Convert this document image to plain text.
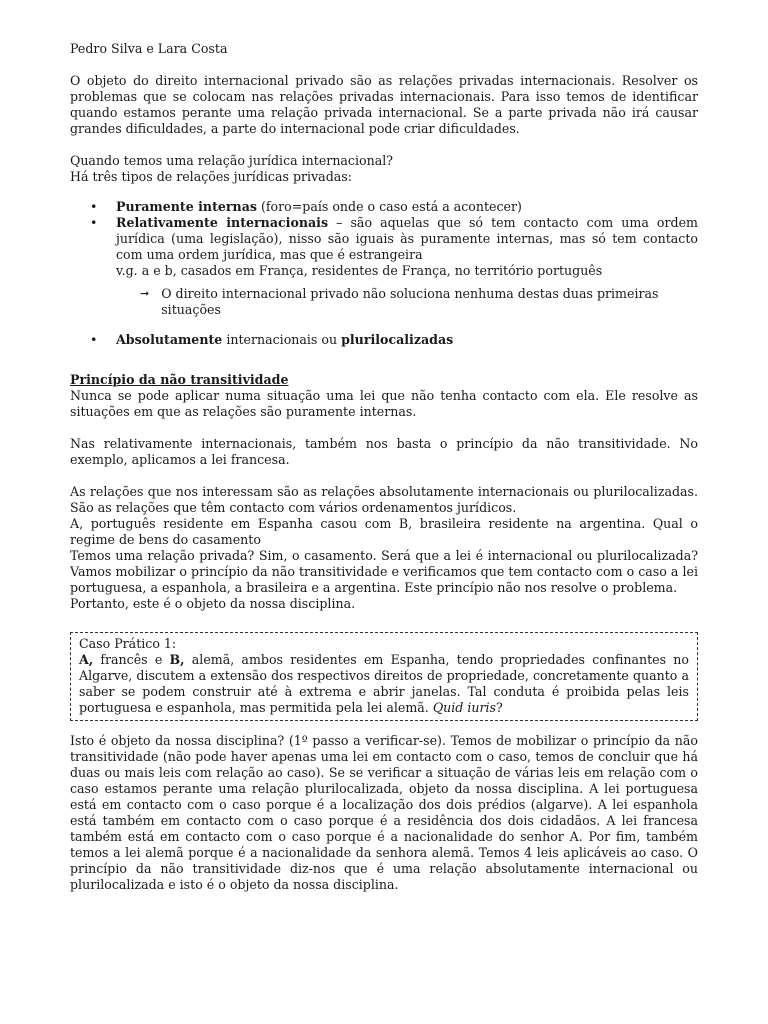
Pedro Silva e Lara Costa

O objeto do direito internacional privado são as relações privadas internacionais. Resolver os problemas que se colocam nas relações privadas internacionais. Para isso temos de identificar quando estamos perante uma relação privada internacional. Se a parte privada não irá causar grandes dificuldades, a parte do internacional pode criar dificuldades.

Quando temos uma relação jurídica internacional?

Há três tipos de relações jurídicas privadas:

• Puramente internas (foro=país onde o caso está a acontecer)
• Relativamente internacionais – são aquelas que só tem contacto com uma ordem jurídica (uma legislação), nisso são iguais às puramente internas, mas só tem contacto com uma ordem jurídica, mas que é estrangeira
v.g. a e b, casados em França, residentes de França, no território português
➞ O direito internacional privado não soluciona nenhuma destas duas primeiras situações
• Absolutamente internacionais ou plurilocalizadas

Princípio da não transitividade

Nunca se pode aplicar numa situação uma lei que não tenha contacto com ela. Ele resolve as situações em que as relações são puramente internas.

Nas relativamente internacionais, também nos basta o princípio da não transitividade. No exemplo, aplicamos a lei francesa.

As relações que nos interessam são as relações absolutamente internacionais ou plurilocalizadas. São as relações que têm contacto com vários ordenamentos jurídicos.

A, português residente em Espanha casou com B, brasileira residente na argentina. Qual o regime de bens do casamento

Temos uma relação privada? Sim, o casamento. Será que a lei é internacional ou plurilocalizada? Vamos mobilizar o princípio da não transitividade e verificamos que tem contacto com o caso a lei portuguesa, a espanhola, a brasileira e a argentina. Este princípio não nos resolve o problema.

Portanto, este é o objeto da nossa disciplina.

Caso Prático 1:

A, francês e B, alemã, ambos residentes em Espanha, tendo propriedades confinantes no Algarve, discutem a extensão dos respectivos direitos de propriedade, concretamente quanto a saber se podem construir até à extrema e abrir janelas. Tal conduta é proibida pelas leis portuguesa e espanhola, mas permitida pela lei alemã. Quid iuris?

Isto é objeto da nossa disciplina? (1º passo a verificar-se). Temos de mobilizar o princípio da não transitividade (não pode haver apenas uma lei em contacto com o caso, temos de concluir que há duas ou mais leis com relação ao caso). Se se verificar a situação de várias leis em relação com o caso estamos perante uma relação plurilocalizada, objeto da nossa disciplina. A lei portuguesa está em contacto com o caso porque é a localização dos dois prédios (algarve). A lei espanhola está também em contacto com o caso porque é a residência dos dois cidadãos. A lei francesa também está em contacto com o caso porque é a nacionalidade do senhor A. Por fim, também temos a lei alemã porque é a nacionalidade da senhora alemã. Temos 4 leis aplicáveis ao caso. O princípio da não transitividade diz-nos que é uma relação absolutamente internacional ou plurilocalizada e isto é o objeto da nossa disciplina.
